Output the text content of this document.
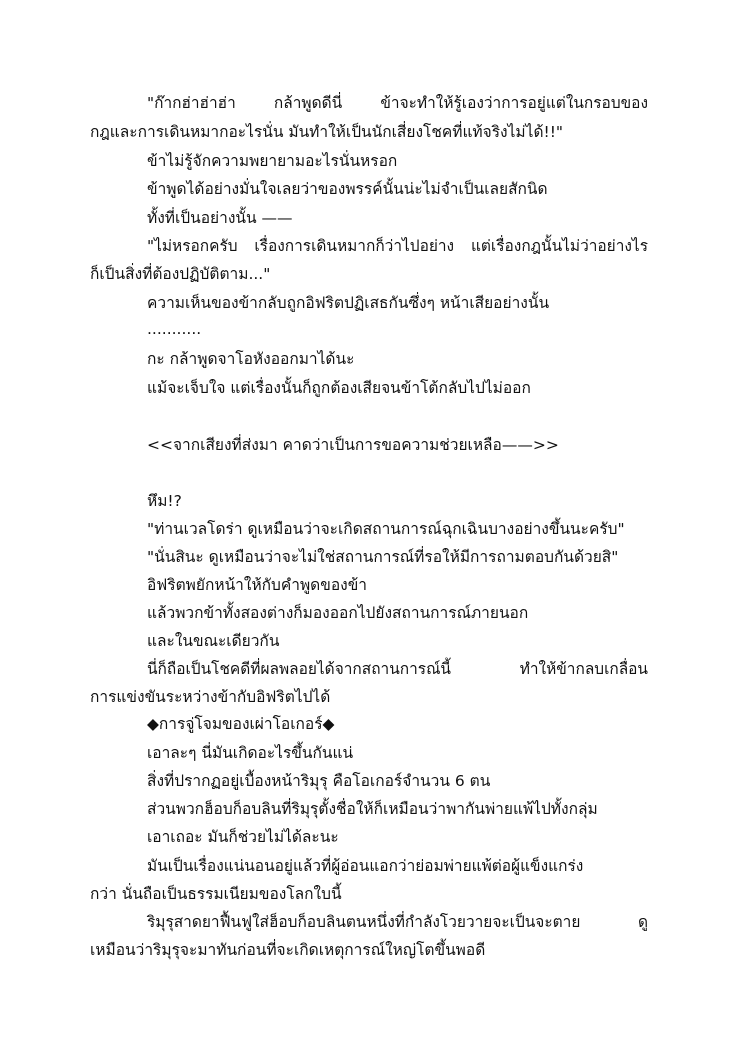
"ก๊ากฮ่าฮ่าฮ่า กล้าพูดดีนี่ ข้าจะทำให้รู้เองว่าการอยู่แต่ในกรอบของ
กฎและการเดินหมากอะไรนั่น มันทำให้เป็นนักเสี่ยงโชคที่แท้จริงไม่ได้!!"
ข้าไม่รู้จักความพยายามอะไรนั่นหรอก
ข้าพูดได้อย่างมั่นใจเลยว่าของพรรค์นั้นน่ะไม่จำเป็นเลยสักนิด
ทั้งที่เป็นอย่างนั้น ——
"ไม่หรอกครับ เรื่องการเดินหมากก็ว่าไปอย่าง แต่เรื่องกฎนั้นไม่ว่าอย่างไร
ก็เป็นสิ่งที่ต้องปฏิบัติตาม..."
ความเห็นของข้ากลับถูกอิฟริตปฏิเสธกันซึ่งๆ หน้าเสียอย่างนั้น
...........
กะ กล้าพูดจาโอหังออกมาได้นะ
แม้จะเจ็บใจ แต่เรื่องนั้นก็ถูกต้องเสียจนข้าโต้กลับไปไม่ออก
<<จากเสียงที่ส่งมา คาดว่าเป็นการขอความช่วยเหลือ——>>
หึม!?
"ท่านเวลโดร่า ดูเหมือนว่าจะเกิดสถานการณ์ฉุกเฉินบางอย่างขึ้นนะครับ"
"นั่นสินะ ดูเหมือนว่าจะไม่ใช่สถานการณ์ที่รอให้มีการถามตอบกันด้วยสิ"
อิฟริตพยักหน้าให้กับคำพูดของข้า
แล้วพวกข้าทั้งสองต่างก็มองออกไปยังสถานการณ์ภายนอก
และในขณะเดียวกัน
นี่ก็ถือเป็นโชคดีที่ผลพลอยได้จากสถานการณ์นี้ ทำให้ข้ากลบเกลื่อน
การแข่งขันระหว่างข้ากับอิฟริตไปได้
◆การจู่โจมของเผ่าโอเกอร์◆
เอาละๆ นี่มันเกิดอะไรขึ้นกันแน่
สิ่งที่ปรากฏอยู่เบื้องหน้าริมุรุ คือโอเกอร์จำนวน 6 ตน
ส่วนพวกฮ็อบก็อบลินที่ริมุรุตั้งชื่อให้ก็เหมือนว่าพากันพ่ายแพ้ไปทั้งกลุ่ม
เอาเถอะ มันก็ช่วยไม่ได้ละนะ
มันเป็นเรื่องแน่นอนอยู่แล้วที่ผู้อ่อนแอกว่าย่อมพ่ายแพ้ต่อผู้แข็งแกร่ง
กว่า นั่นถือเป็นธรรมเนียมของโลกใบนี้
ริมุรุสาดยาฟื้นฟูใส่ฮ็อบก็อบลินตนหนึ่งที่กำลังโวยวายจะเป็นจะตาย ดู
เหมือนว่าริมุรุจะมาทันก่อนที่จะเกิดเหตุการณ์ใหญ่โตขึ้นพอดี
